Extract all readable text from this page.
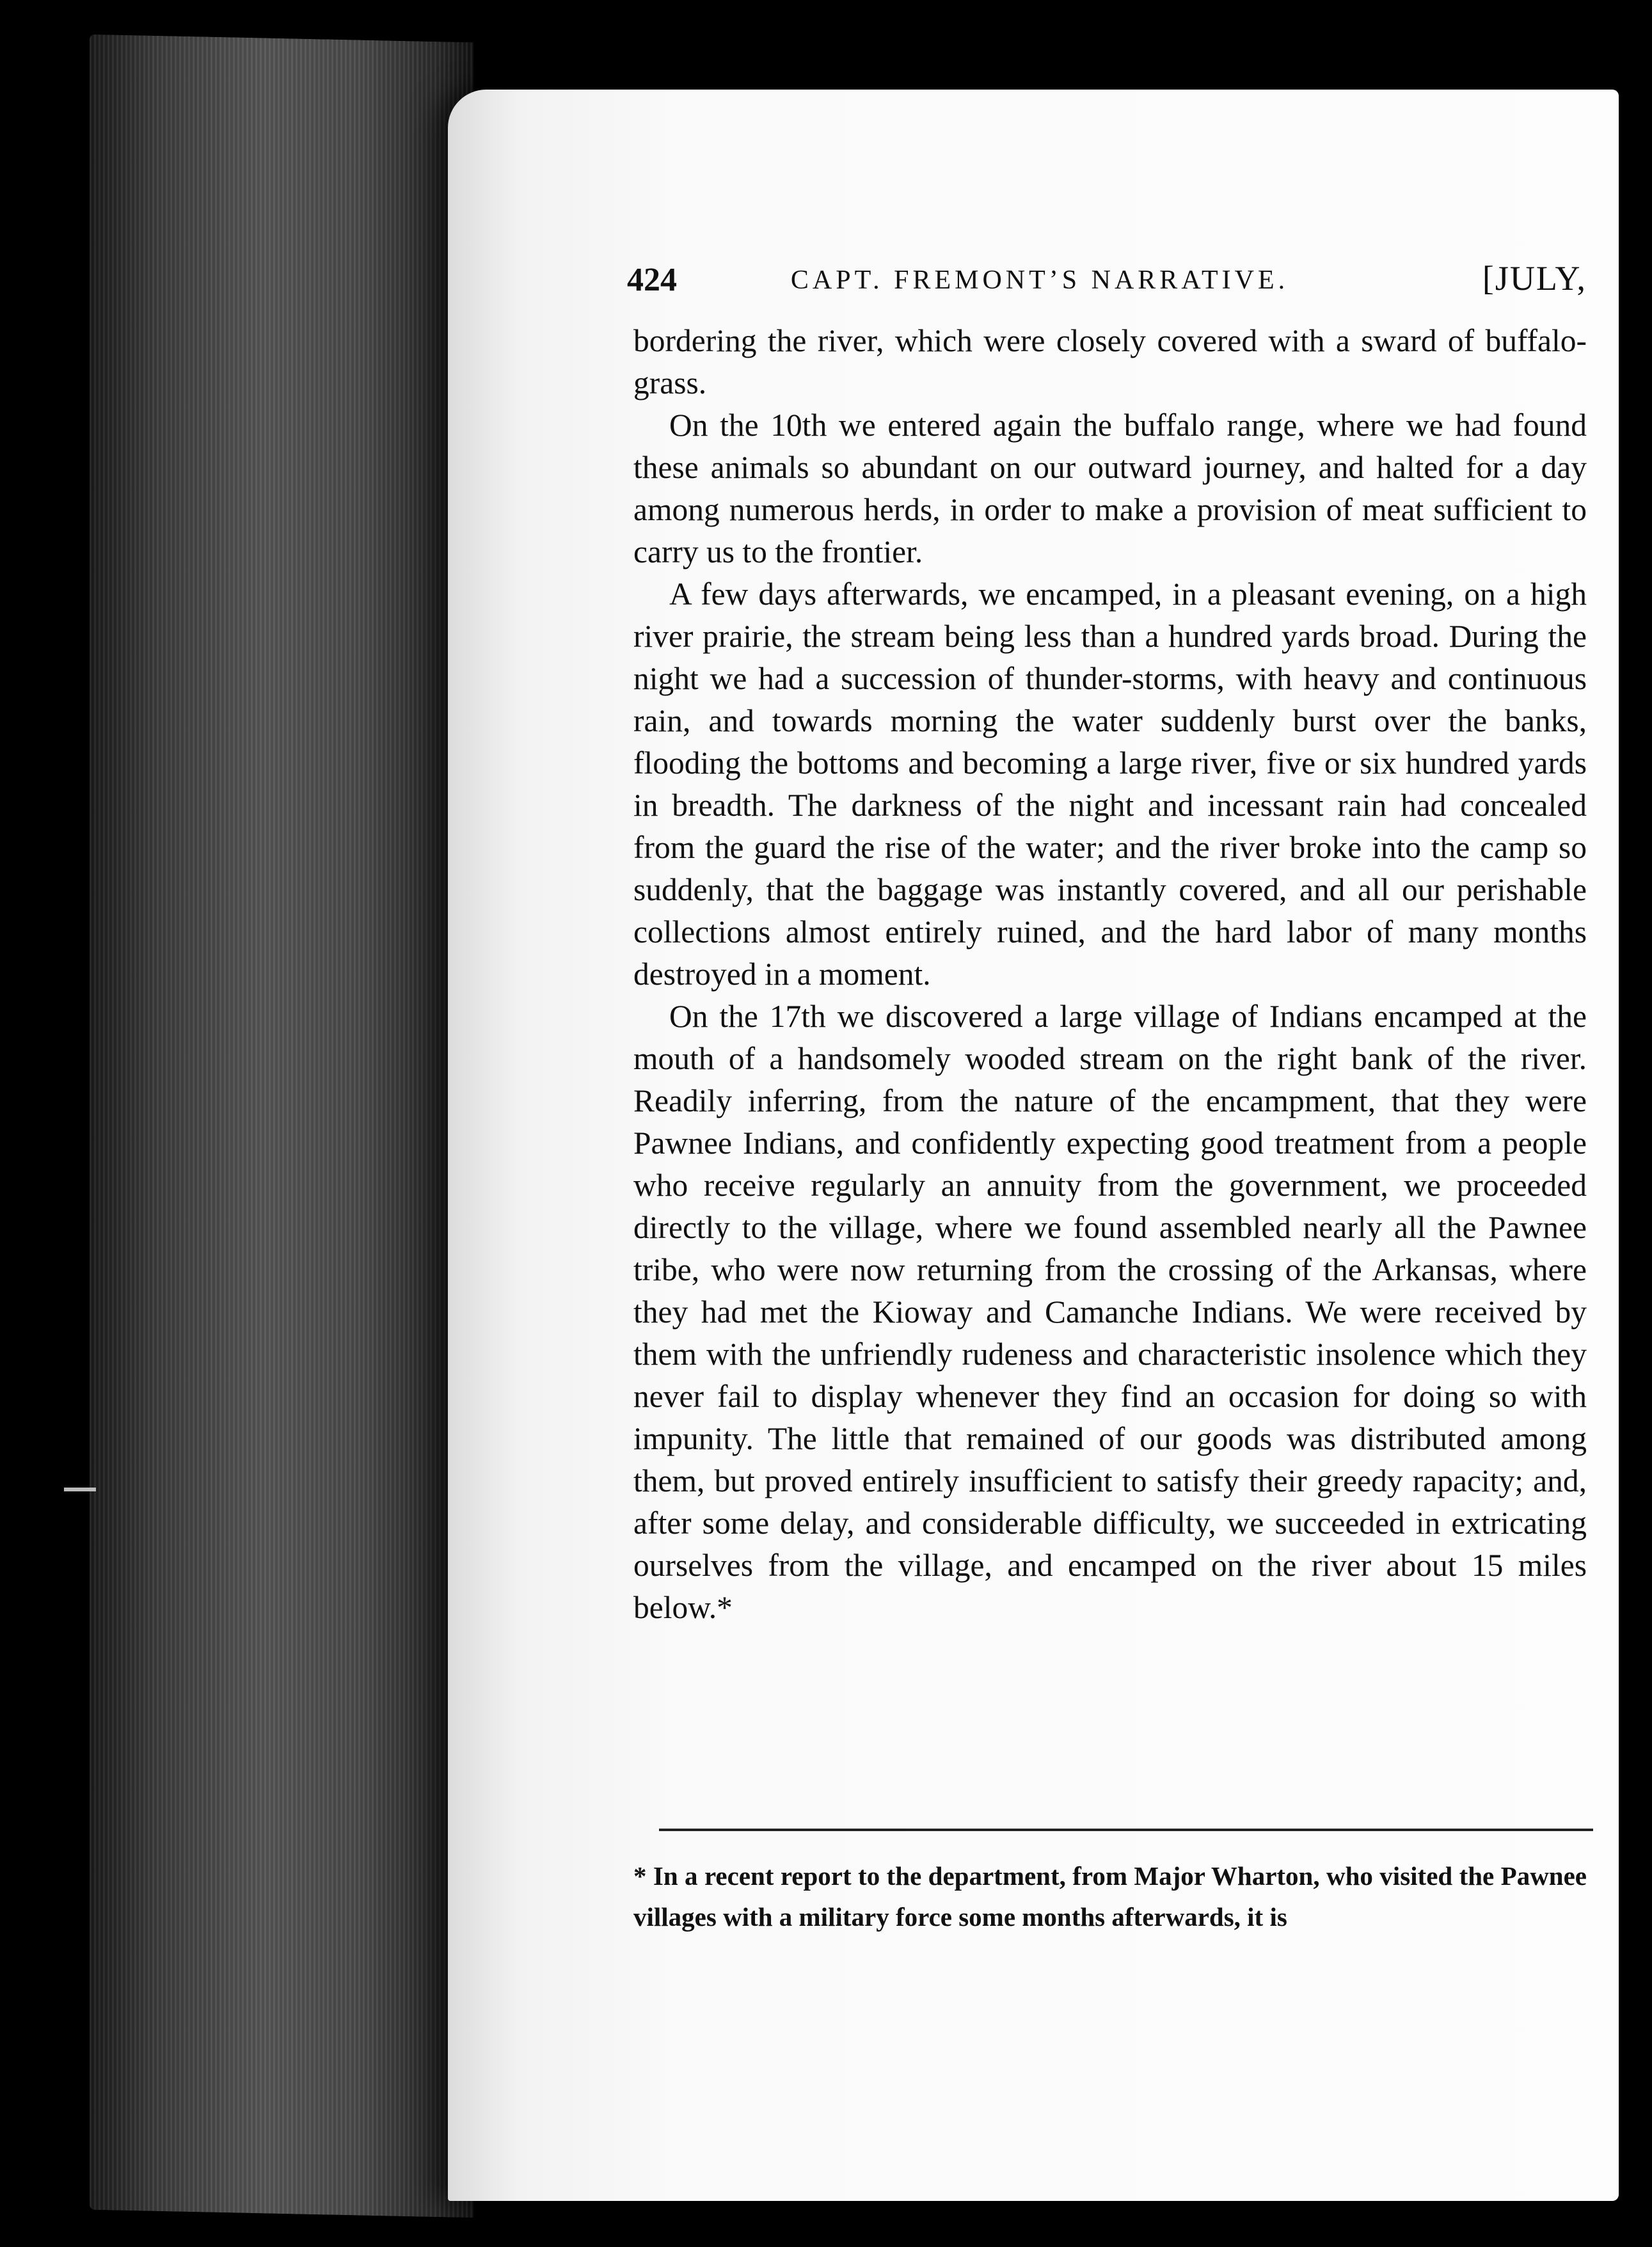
424	CAPT. FREMONT’S NARRATIVE.	[JULY,

bordering the river, which were closely covered with a sward of buffalo-grass.

On the 10th we entered again the buffalo range, where we had found these animals so abundant on our outward journey, and halted for a day among numerous herds, in order to make a provision of meat sufficient to carry us to the frontier.

A few days afterwards, we encamped, in a pleasant evening, on a high river prairie, the stream being less than a hundred yards broad. During the night we had a succession of thunder-storms, with heavy and continuous rain, and towards morning the water suddenly burst over the banks, flooding the bottoms and becoming a large river, five or six hundred yards in breadth. The darkness of the night and incessant rain had concealed from the guard the rise of the water; and the river broke into the camp so suddenly, that the baggage was instantly covered, and all our perishable collections almost entirely ruined, and the hard labor of many months destroyed in a moment.

On the 17th we discovered a large village of Indians encamped at the mouth of a handsomely wooded stream on the right bank of the river. Readily inferring, from the nature of the encampment, that they were Pawnee Indians, and confidently expecting good treatment from a people who receive regularly an annuity from the government, we proceeded directly to the village, where we found assembled nearly all the Pawnee tribe, who were now returning from the crossing of the Arkansas, where they had met the Kioway and Camanche Indians. We were received by them with the unfriendly rudeness and characteristic insolence which they never fail to display whenever they find an occasion for doing so with impunity. The little that remained of our goods was distributed among them, but proved entirely insufficient to satisfy their greedy rapacity; and, after some delay, and considerable difficulty, we succeeded in extricating ourselves from the village, and encamped on the river about 15 miles below.*

* In a recent report to the department, from Major Wharton, who visited the Pawnee villages with a military force some months afterwards, it is
